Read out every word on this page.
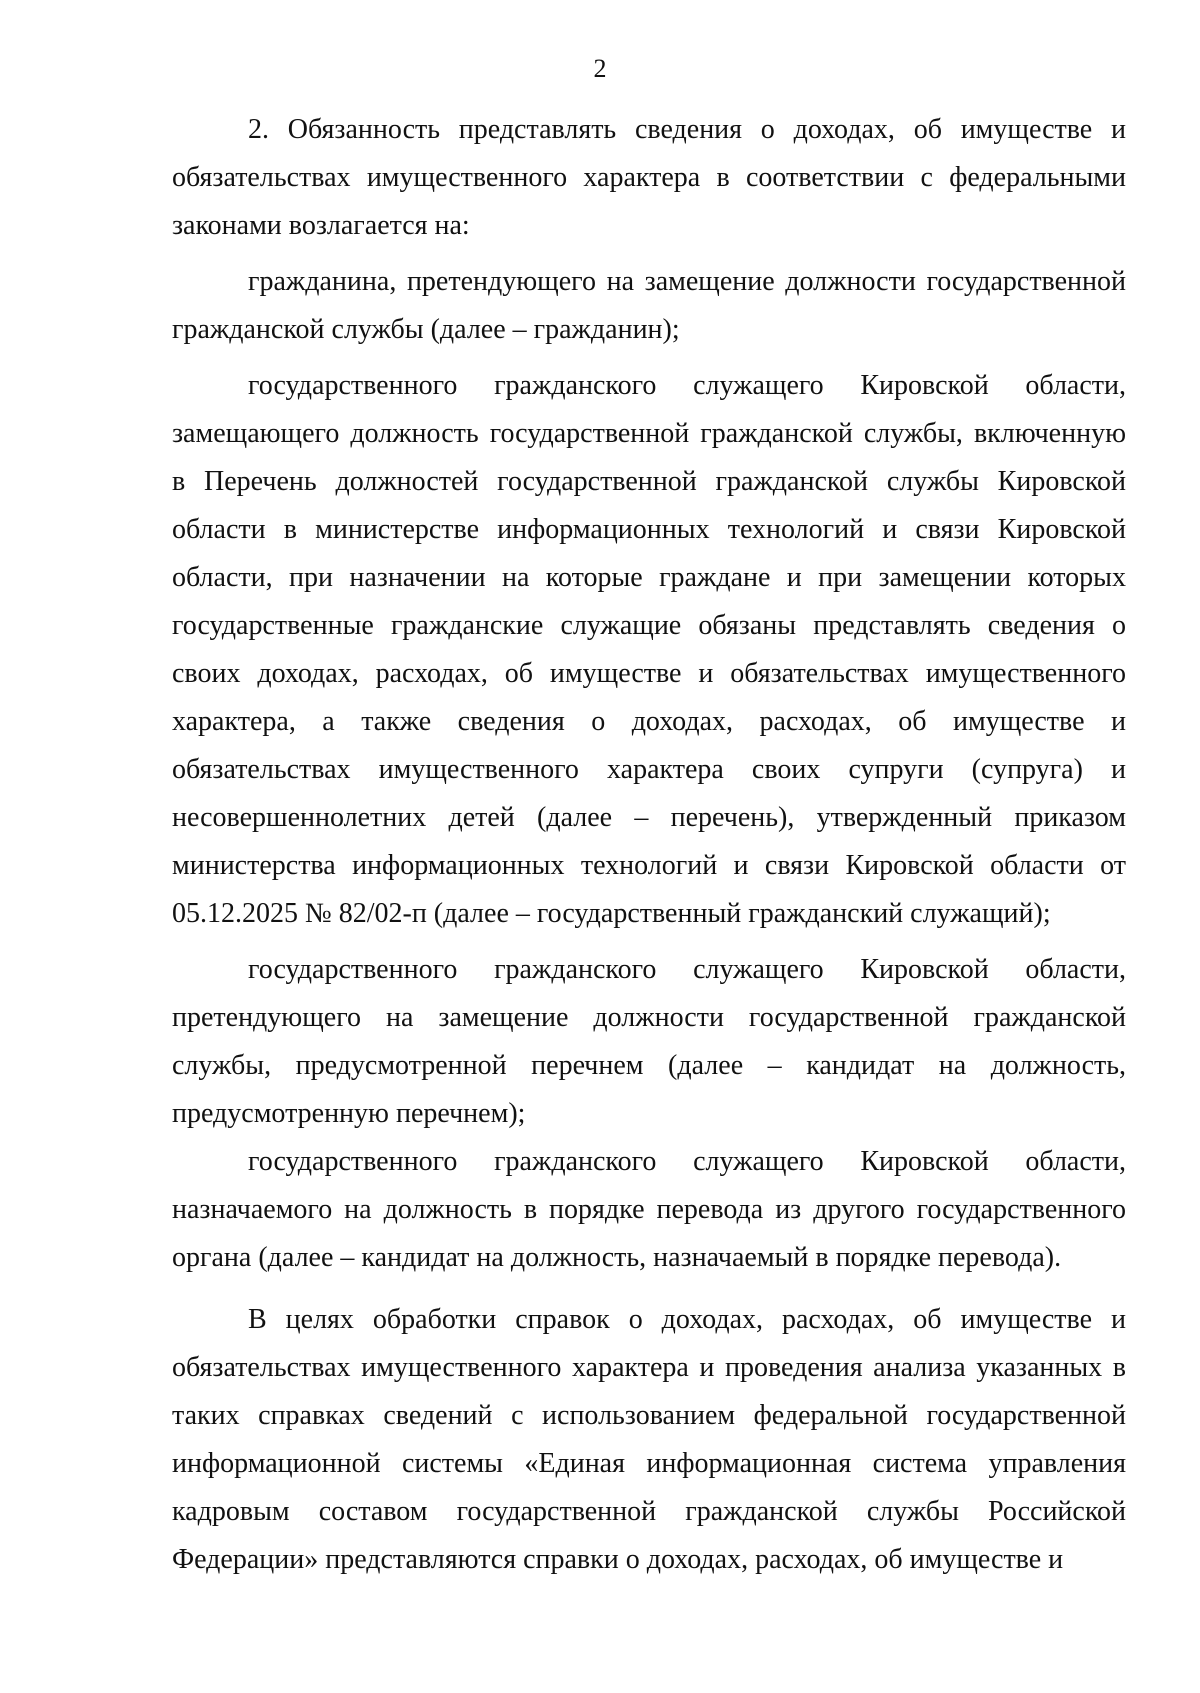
2

2. Обязанность представлять сведения о доходах, об имуществе и обязательствах имущественного характера в соответствии с федеральными законами возлагается на:

гражданина, претендующего на замещение должности государственной гражданской службы (далее – гражданин);

государственного гражданского служащего Кировской области, замещающего должность государственной гражданской службы, включенную в Перечень должностей государственной гражданской службы Кировской области в министерстве информационных технологий и связи Кировской области, при назначении на которые граждане и при замещении которых государственные гражданские служащие обязаны представлять сведения о своих доходах, расходах, об имуществе и обязательствах имущественного характера, а также сведения о доходах, расходах, об имуществе и обязательствах имущественного характера своих супруги (супруга) и несовершеннолетних детей (далее – перечень), утвержденный приказом министерства информационных технологий и связи Кировской области от 05.12.2025 № 82/02-п (далее – государственный гражданский служащий);

государственного гражданского служащего Кировской области, претендующего на замещение должности государственной гражданской службы, предусмотренной перечнем (далее – кандидат на должность, предусмотренную перечнем);

государственного гражданского служащего Кировской области, назначаемого на должность в порядке перевода из другого государственного органа (далее – кандидат на должность, назначаемый в порядке перевода).

В целях обработки справок о доходах, расходах, об имуществе и обязательствах имущественного характера и проведения анализа указанных в таких справках сведений с использованием федеральной государственной информационной системы «Единая информационная система управления кадровым составом государственной гражданской службы Российской Федерации» представляются справки о доходах, расходах, об имуществе и
